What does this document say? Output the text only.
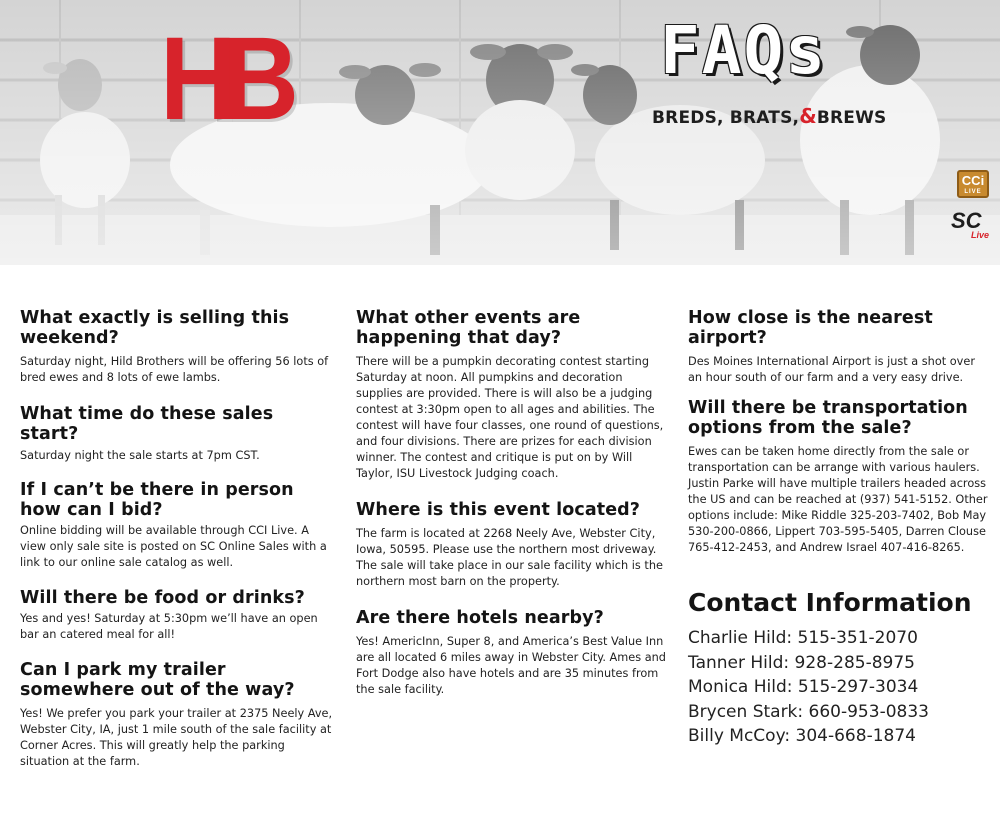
HB	FAQs
BREDS, BRATS,&BREWS
CCi
LIVE
SC
Live
What exactly is selling this weekend?
Saturday night, Hild Brothers will be offering 56 lots of bred ewes and 8 lots of ewe lambs.
What time do these sales start?
Saturday night the sale starts at 7pm CST.
If I can’t be there in person how can I bid?
Online bidding will be available through CCI Live. A view only sale site is posted on SC Online Sales with a link to our online sale catalog as well.
Will there be food or drinks?
Yes and yes! Saturday at 5:30pm we’ll have an open bar an catered meal for all!
Can I park my trailer somewhere out of the way?
Yes! We prefer you park your trailer at 2375 Neely Ave, Webster City, IA, just 1 mile south of the sale facility at Corner Acres. This will greatly help the parking situation at the farm.
What other events are happening that day?
There will be a pumpkin decorating contest starting Saturday at noon. All pumpkins and decoration supplies are provided. There is will also be a judging contest at 3:30pm open to all ages and abilities. The contest will have four classes, one round of questions, and four divisions. There are prizes for each division winner. The contest and critique is put on by Will Taylor, ISU Livestock Judging coach.
Where is this event located?
The farm is located at 2268 Neely Ave, Webster City, Iowa, 50595. Please use the northern most driveway. The sale will take place in our sale facility which is the northern most barn on the property.
Are there hotels nearby?
Yes! AmericInn, Super 8, and America’s Best Value Inn are all located 6 miles away in Webster City. Ames and Fort Dodge also have hotels and are 35 minutes from the sale facility.
How close is the nearest airport?
Des Moines International Airport is just a shot over an hour south of our farm and a very easy drive.
Will there be transportation options from the sale?
Ewes can be taken home directly from the sale or transportation can be arrange with various haulers. Justin Parke will have multiple trailers headed across the US and can be reached at (937) 541-5152. Other options include: Mike Riddle 325-203-7402, Bob May 530-200-0866, Lippert 703-595-5405, Darren Clouse 765-412-2453, and Andrew Israel 407-416-8265.
Contact Information
Charlie Hild: 515-351-2070
Tanner Hild: 928-285-8975
Monica Hild: 515-297-3034
Brycen Stark: 660-953-0833
Billy McCoy: 304-668-1874
